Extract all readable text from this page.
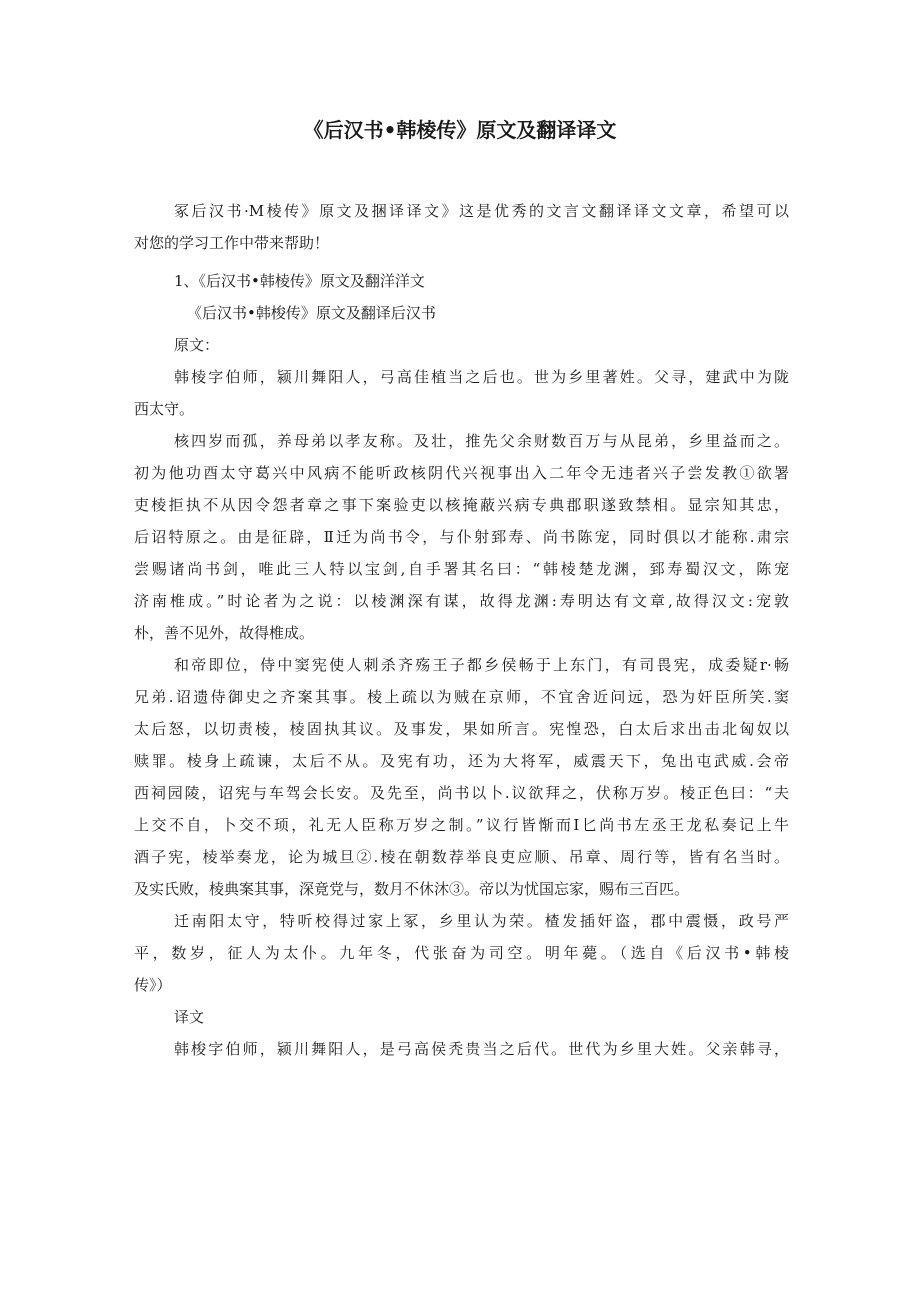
《后汉书•韩棱传》原文及翻译译文
冢后汉书·M棱传》原文及捆译译文》这是优秀的文言文翻译译文文章，希望可以
对您的学习工作中带来帮助！
1、《后汉书•韩棱传》原文及翻洋洋文
《后汉书•韩梭传》原文及翻译后汉书
原文：
韩棱字伯师，颍川舞阳人，弓高佳植当之后也。世为乡里著姓。父寻，建武中为陇
西太守。
核四岁而孤，养母弟以孝友称。及壮，推先父余财数百万与从昆弟，乡里益而之。
初为他功酉太守葛兴中风病不能听政核阴代兴视事出入二年令无违者兴子尝发教①欲署
吏棱拒执不从因令怨者章之事下案验吏以核掩蔽兴病专典郡职遂致禁相。显宗知其忠，
后诏特原之。由是征辟，Ⅱ迁为尚书令，与仆射郅寿、尚书陈宠，同时俱以才能称.肃宗
尝赐诸尚书剑，唯此三人特以宝剑,自手署其名曰：“韩棱楚龙渊，郅寿蜀汉文，陈宠
济南椎成。”时论者为之说：以棱渊深有谋，故得龙渊:寿明达有文章,故得汉文:宠敦
朴，善不见外，故得椎成。
和帝即位，侍中窦宪使人刺杀齐殇王子都乡侯畅于上东门，有司畏宪，成委疑r·畅
兄弟.诏遗侍御史之齐案其事。棱上疏以为贼在京师，不宜舍近问远，恐为奸臣所笑.窦
太后怒，以切责棱，棱固执其议。及事发，果如所言。宪惶恐，白太后求出击北匈奴以
赎罪。棱身上疏谏，太后不从。及宪有功，还为大将军，威震天下，兔出屯武威.会帝
西祠园陵，诏宪与车驾会长安。及先至，尚书以卜.议欲拜之，伏称万岁。棱正色曰：“夫
上交不自，卜交不顼，礼无人臣称万岁之制。”议行皆惭而Ⅰ匕尚书左丞王龙私奏记上牛
酒子宪，棱举奏龙，论为城旦②.棱在朝数荐举良吏应顺、吊章、周行等，皆有名当时。
及实氏败，棱典案其事，深竟党与，数月不休沐③。帝以为忧国忘家，赐布三百匹。
迁南阳太守，特听校得过家上冢，乡里认为荣。楂发插奸盗，郡中震慑，政号严
平，数岁，征人为太仆。九年冬，代张奋为司空。明年薨。（选自《后汉书•韩棱
传》）
译文
韩梭字伯师，颍川舞阳人，是弓高侯秃贵当之后代。世代为乡里大姓。父亲韩寻，
